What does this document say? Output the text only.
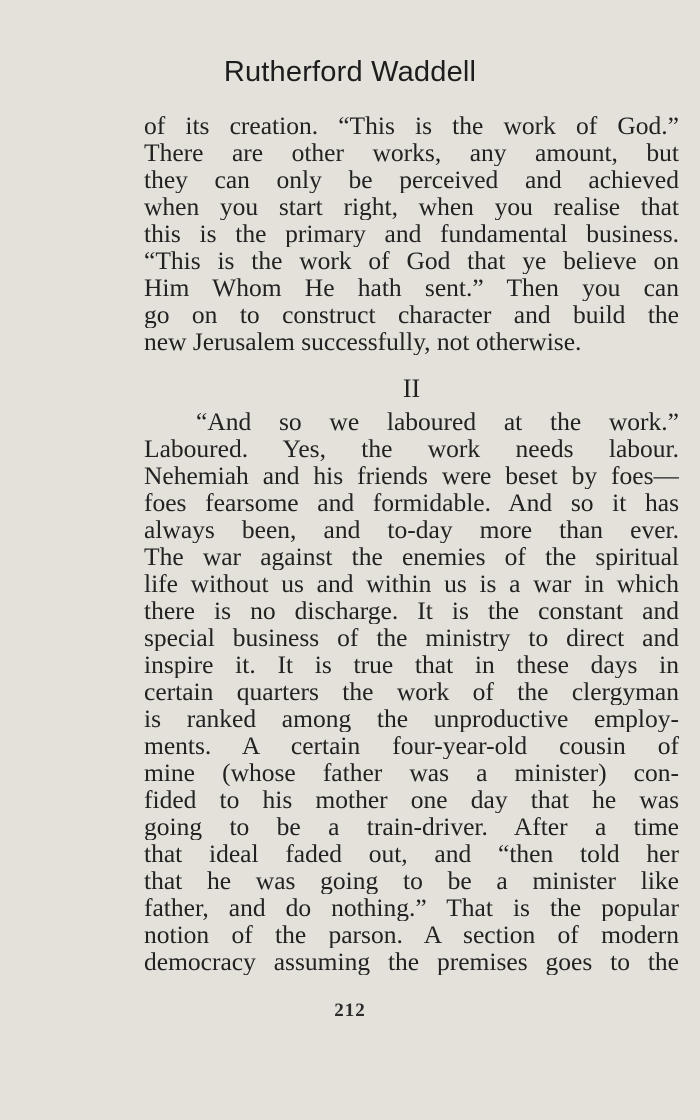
Rutherford Waddell
of its creation. “This is the work of God.”
There are other works, any amount, but
they can only be perceived and achieved
when you start right, when you realise that
this is the primary and fundamental business.
“This is the work of God that ye believe on
Him Whom He hath sent.” Then you can
go on to construct character and build the
new Jerusalem successfully, not otherwise.
II
“And so we laboured at the work.”
Laboured. Yes, the work needs labour.
Nehemiah and his friends were beset by foes—
foes fearsome and formidable. And so it has
always been, and to-day more than ever.
The war against the enemies of the spiritual
life without us and within us is a war in which
there is no discharge. It is the constant and
special business of the ministry to direct and
inspire it. It is true that in these days in
certain quarters the work of the clergyman
is ranked among the unproductive employ-
ments. A certain four-year-old cousin of
mine (whose father was a minister) con-
fided to his mother one day that he was
going to be a train-driver. After a time
that ideal faded out, and “then told her
that he was going to be a minister like
father, and do nothing.” That is the popular
notion of the parson. A section of modern
democracy assuming the premises goes to the
212
